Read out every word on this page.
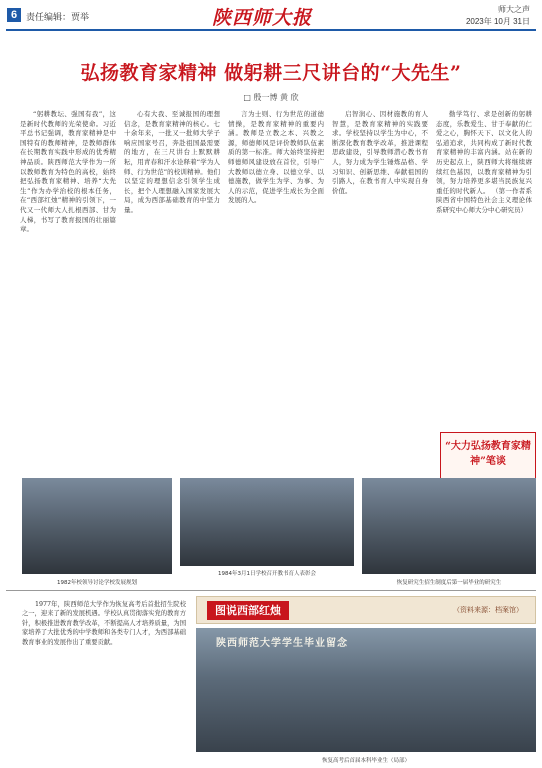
6 责任编辑：贾举	陕西师大报	师大之声
2023年 10月 31日
弘扬教育家精神 做躬耕三尺讲台的“大先生”
□ 殷一博 黄 欣
“躬耕教坛、强国有我”，这是新时代教师的光荣使命。习近平总书记强调，教育家精神是中国特有的教师精神，是教师群体在长期教育实践中形成的优秀精神品质。陕西师范大学作为一所以教师教育为特色的高校，始终把弘扬教育家精神、培养“大先生”作为办学治校的根本任务，在“西部红烛”精神的引领下，一代又一代师大人扎根西部、甘为人梯，书写了教育报国的壮丽篇章。
心有大我、至诚报国的理想信念，是教育家精神的核心。七十余年来，一批又一批师大学子响应国家号召，奔赴祖国最需要的地方，在三尺讲台上默默耕耘，用青春和汗水诠释着“学为人师、行为世范”的校训精神。他们以坚定的理想信念引领学生成长，把个人理想融入国家发展大局，成为西部基础教育的中坚力量。
言为士则、行为世范的道德情操，是教育家精神的重要内涵。教师是立教之本、兴教之源，师德师风是评价教师队伍素质的第一标准。师大始终坚持把师德师风建设放在首位，引导广大教师以德立身、以德立学、以德施教，做学生为学、为事、为人的示范，促进学生成长为全面发展的人。
启智润心、因材施教的育人智慧，是教育家精神的实践要求。学校坚持以学生为中心，不断深化教育教学改革，推进课程思政建设，引导教师潜心教书育人，努力成为学生锤炼品格、学习知识、创新思维、奉献祖国的引路人，在教书育人中实现自身价值。
勤学笃行、求是创新的躬耕态度，乐教爱生、甘于奉献的仁爱之心，胸怀天下、以文化人的弘道追求，共同构成了新时代教育家精神的丰富内涵。站在新的历史起点上，陕西师大将继续赓续红色基因，以教育家精神为引领，努力培养更多堪当民族复兴重任的时代新人。 （第一作者系陕西省中国特色社会主义理论体系研究中心师大分中心研究员）
“大力弘扬教育家精神”笔谈
1982年校领导讨论学校发展规划
1984年3月1日学校召开教书育人表彰会
恢复研究生招生制度后第一届毕业的研究生
1977年，陕西师范大学作为恢复高考后首批招生院校之一，迎来了新的发展机遇。学校认真贯彻落实党的教育方针，积极推进教育教学改革，不断提高人才培养质量，为国家培养了大批优秀的中学教师和各类专门人才，为西部基础教育事业的发展作出了重要贡献。
图说西部红烛	（资料来源：档案馆）
陕西师范大学学生毕业留念
恢复高考后首届本科毕业生（局部）
